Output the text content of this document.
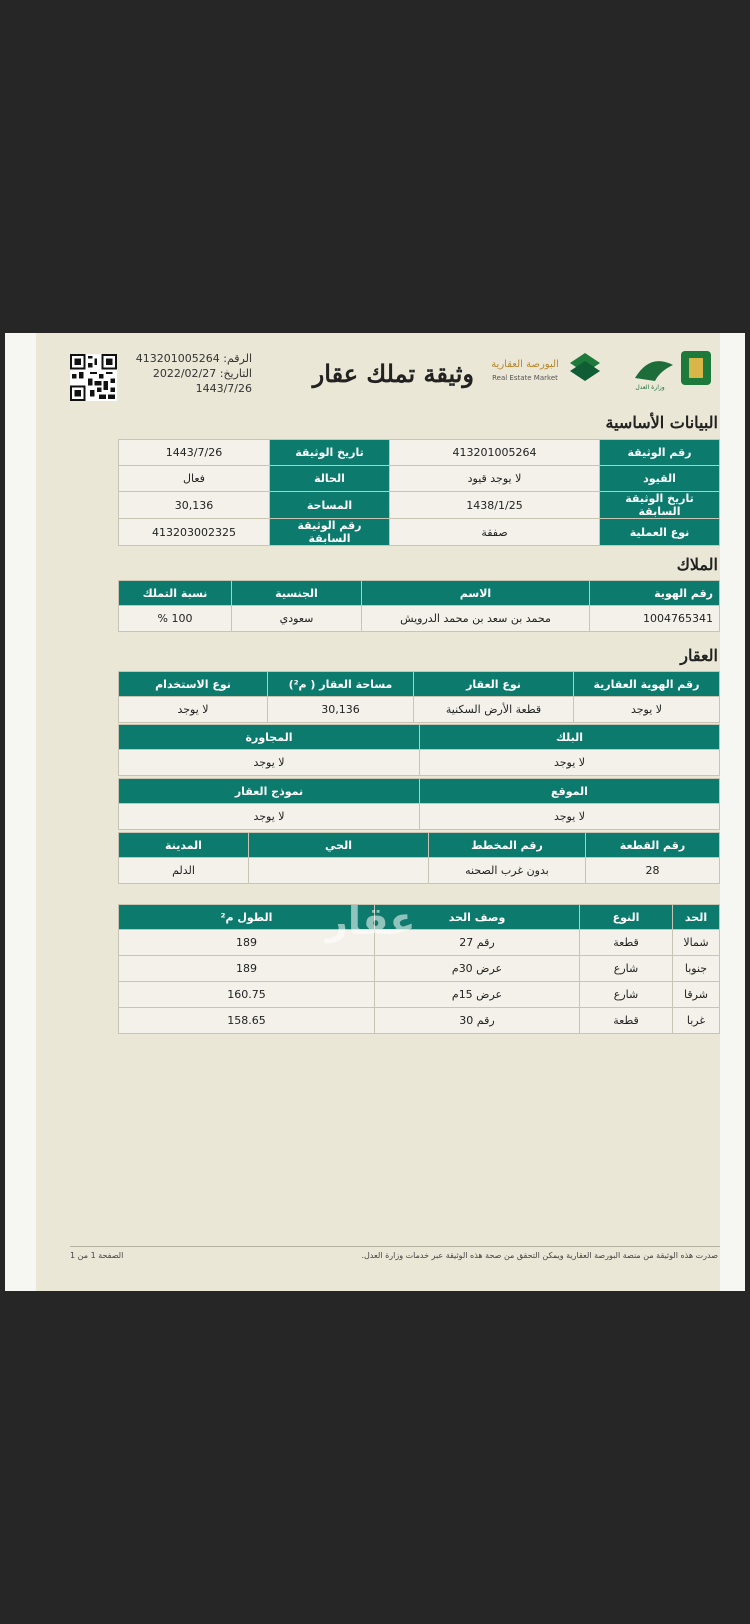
البورصة العقارية
Real Estate Market
وزارة العدل
وثيقة تملك عقار
الرقم: 413201005264
التاريخ: 2022/02/27
1443/7/26
البيانات الأساسية
رقم الوثيقة	413201005264	تاريخ الوثيقة	1443/7/26
القيود	لا يوجد قيود	الحالة	فعال
تاريخ الوثيقة السابقة	1438/1/25	المساحة	30,136
نوع العملية	صفقة	رقم الوثيقة السابقة	413203002325
الملاك
رقم الهوية	الاسم	الجنسية	نسبة التملك
1004765341	محمد بن سعد بن محمد الدرويش	سعودي	100 %
العقار
رقم الهوية العقارية	نوع العقار	مساحة العقار ( م²)	نوع الاستخدام
لا يوجد	قطعة الأرض السكنية	30,136	لا يوجد
البلك	المجاورة
لا يوجد	لا يوجد
الموقع	نموذج العقار
لا يوجد	لا يوجد
رقم القطعة	رقم المخطط	الحي	المدينة
28	بدون غرب الصحنه		الدلم
الحد	النوع	وصف الحد	الطول م²
شمالا	قطعة	رقم 27	189
جنوبا	شارع	عرض 30م	189
شرقا	شارع	عرض 15م	160.75
غربا	قطعة	رقم 30	158.65
عقار
صدرت هذه الوثيقة من منصة البورصة العقارية ويمكن التحقق من صحة هذه الوثيقة عبر خدمات وزارة العدل.
الصفحة 1 من 1
